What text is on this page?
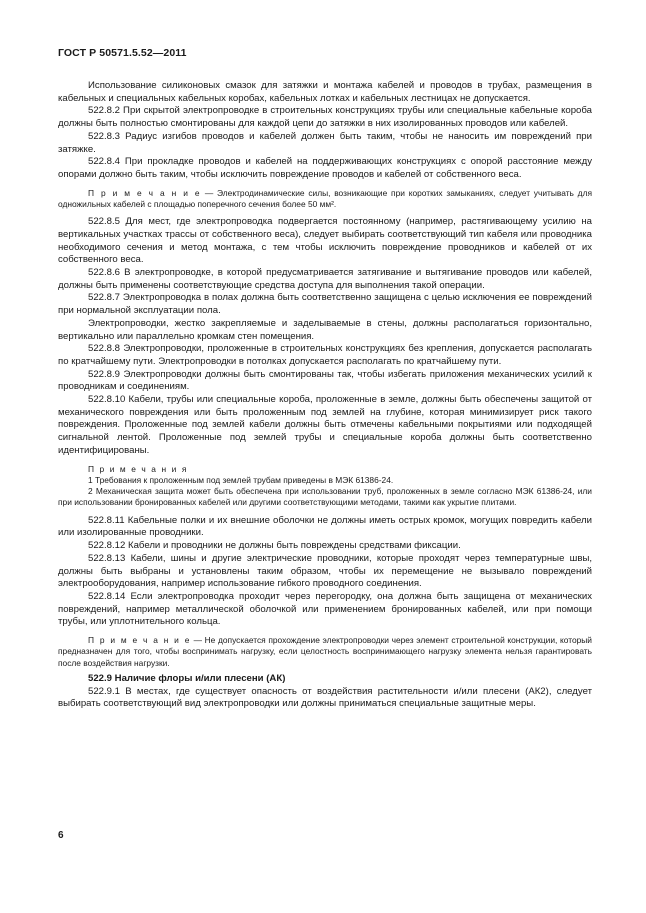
ГОСТ Р 50571.5.52—2011

Использование силиконовых смазок для затяжки и монтажа кабелей и проводов в трубах, размещения в кабельных и специальных кабельных коробах, кабельных лотках и кабельных лестницах не допускается.

522.8.2 При скрытой электропроводке в строительных конструкциях трубы или специальные кабельные короба должны быть полностью смонтированы для каждой цепи до затяжки в них изолированных проводов или кабелей.

522.8.3 Радиус изгибов проводов и кабелей должен быть таким, чтобы не наносить им повреждений при затяжке.

522.8.4 При прокладке проводов и кабелей на поддерживающих конструкциях с опорой расстояние между опорами должно быть таким, чтобы исключить повреждение проводов и кабелей от собственного веса.

П р и м е ч а н и е — Электродинамические силы, возникающие при коротких замыканиях, следует учитывать для одножильных кабелей с площадью поперечного сечения более 50 мм².

522.8.5 Для мест, где электропроводка подвергается постоянному (например, растягивающему усилию на вертикальных участках трассы от собственного веса), следует выбирать соответствующий тип кабеля или проводника необходимого сечения и метод монтажа, с тем чтобы исключить повреждение проводников и кабелей от их собственного веса.

522.8.6 В электропроводке, в которой предусматривается затягивание и вытягивание проводов или кабелей, должны быть применены соответствующие средства доступа для выполнения такой операции.

522.8.7 Электропроводка в полах должна быть соответственно защищена с целью исключения ее повреждений при нормальной эксплуатации пола.

Электропроводки, жестко закрепляемые и заделываемые в стены, должны располагаться горизонтально, вертикально или параллельно кромкам стен помещения.

522.8.8 Электропроводки, проложенные в строительных конструкциях без крепления, допускается располагать по кратчайшему пути. Электропроводки в потолках допускается располагать по кратчайшему пути.

522.8.9 Электропроводки должны быть смонтированы так, чтобы избегать приложения механических усилий к проводникам и соединениям.

522.8.10 Кабели, трубы или специальные короба, проложенные в земле, должны быть обеспечены защитой от механического повреждения или быть проложенным под землей на глубине, которая минимизирует риск такого повреждения. Проложенные под землей кабели должны быть отмечены кабельными покрытиями или подходящей сигнальной лентой. Проложенные под землей трубы и специальные короба должны быть соответственно идентифицированы.

П р и м е ч а н и я

1 Требования к проложенным под землей трубам приведены в МЭК 61386-24.

2 Механическая защита может быть обеспечена при использовании труб, проложенных в земле согласно МЭК 61386-24, или при использовании бронированных кабелей или другими соответствующими методами, такими как укрытие плитами.

522.8.11 Кабельные полки и их внешние оболочки не должны иметь острых кромок, могущих повредить кабели или изолированные проводники.

522.8.12 Кабели и проводники не должны быть повреждены средствами фиксации.

522.8.13 Кабели, шины и другие электрические проводники, которые проходят через температурные швы, должны быть выбраны и установлены таким образом, чтобы их перемещение не вызывало повреждений электрооборудования, например использование гибкого проводного соединения.

522.8.14 Если электропроводка проходит через перегородку, она должна быть защищена от механических повреждений, например металлической оболочкой или применением бронированных кабелей, или при помощи трубы, или уплотнительного кольца.

П р и м е ч а н и е — Не допускается прохождение электропроводки через элемент строительной конструкции, который предназначен для того, чтобы воспринимать нагрузку, если целостность воспринимающего нагрузку элемента нельзя гарантировать после воздействия нагрузки.

522.9 Наличие флоры и/или плесени (АК)

522.9.1 В местах, где существует опасность от воздействия растительности и/или плесени (АК2), следует выбирать соответствующий вид электропроводки или должны приниматься специальные защитные меры.

6
